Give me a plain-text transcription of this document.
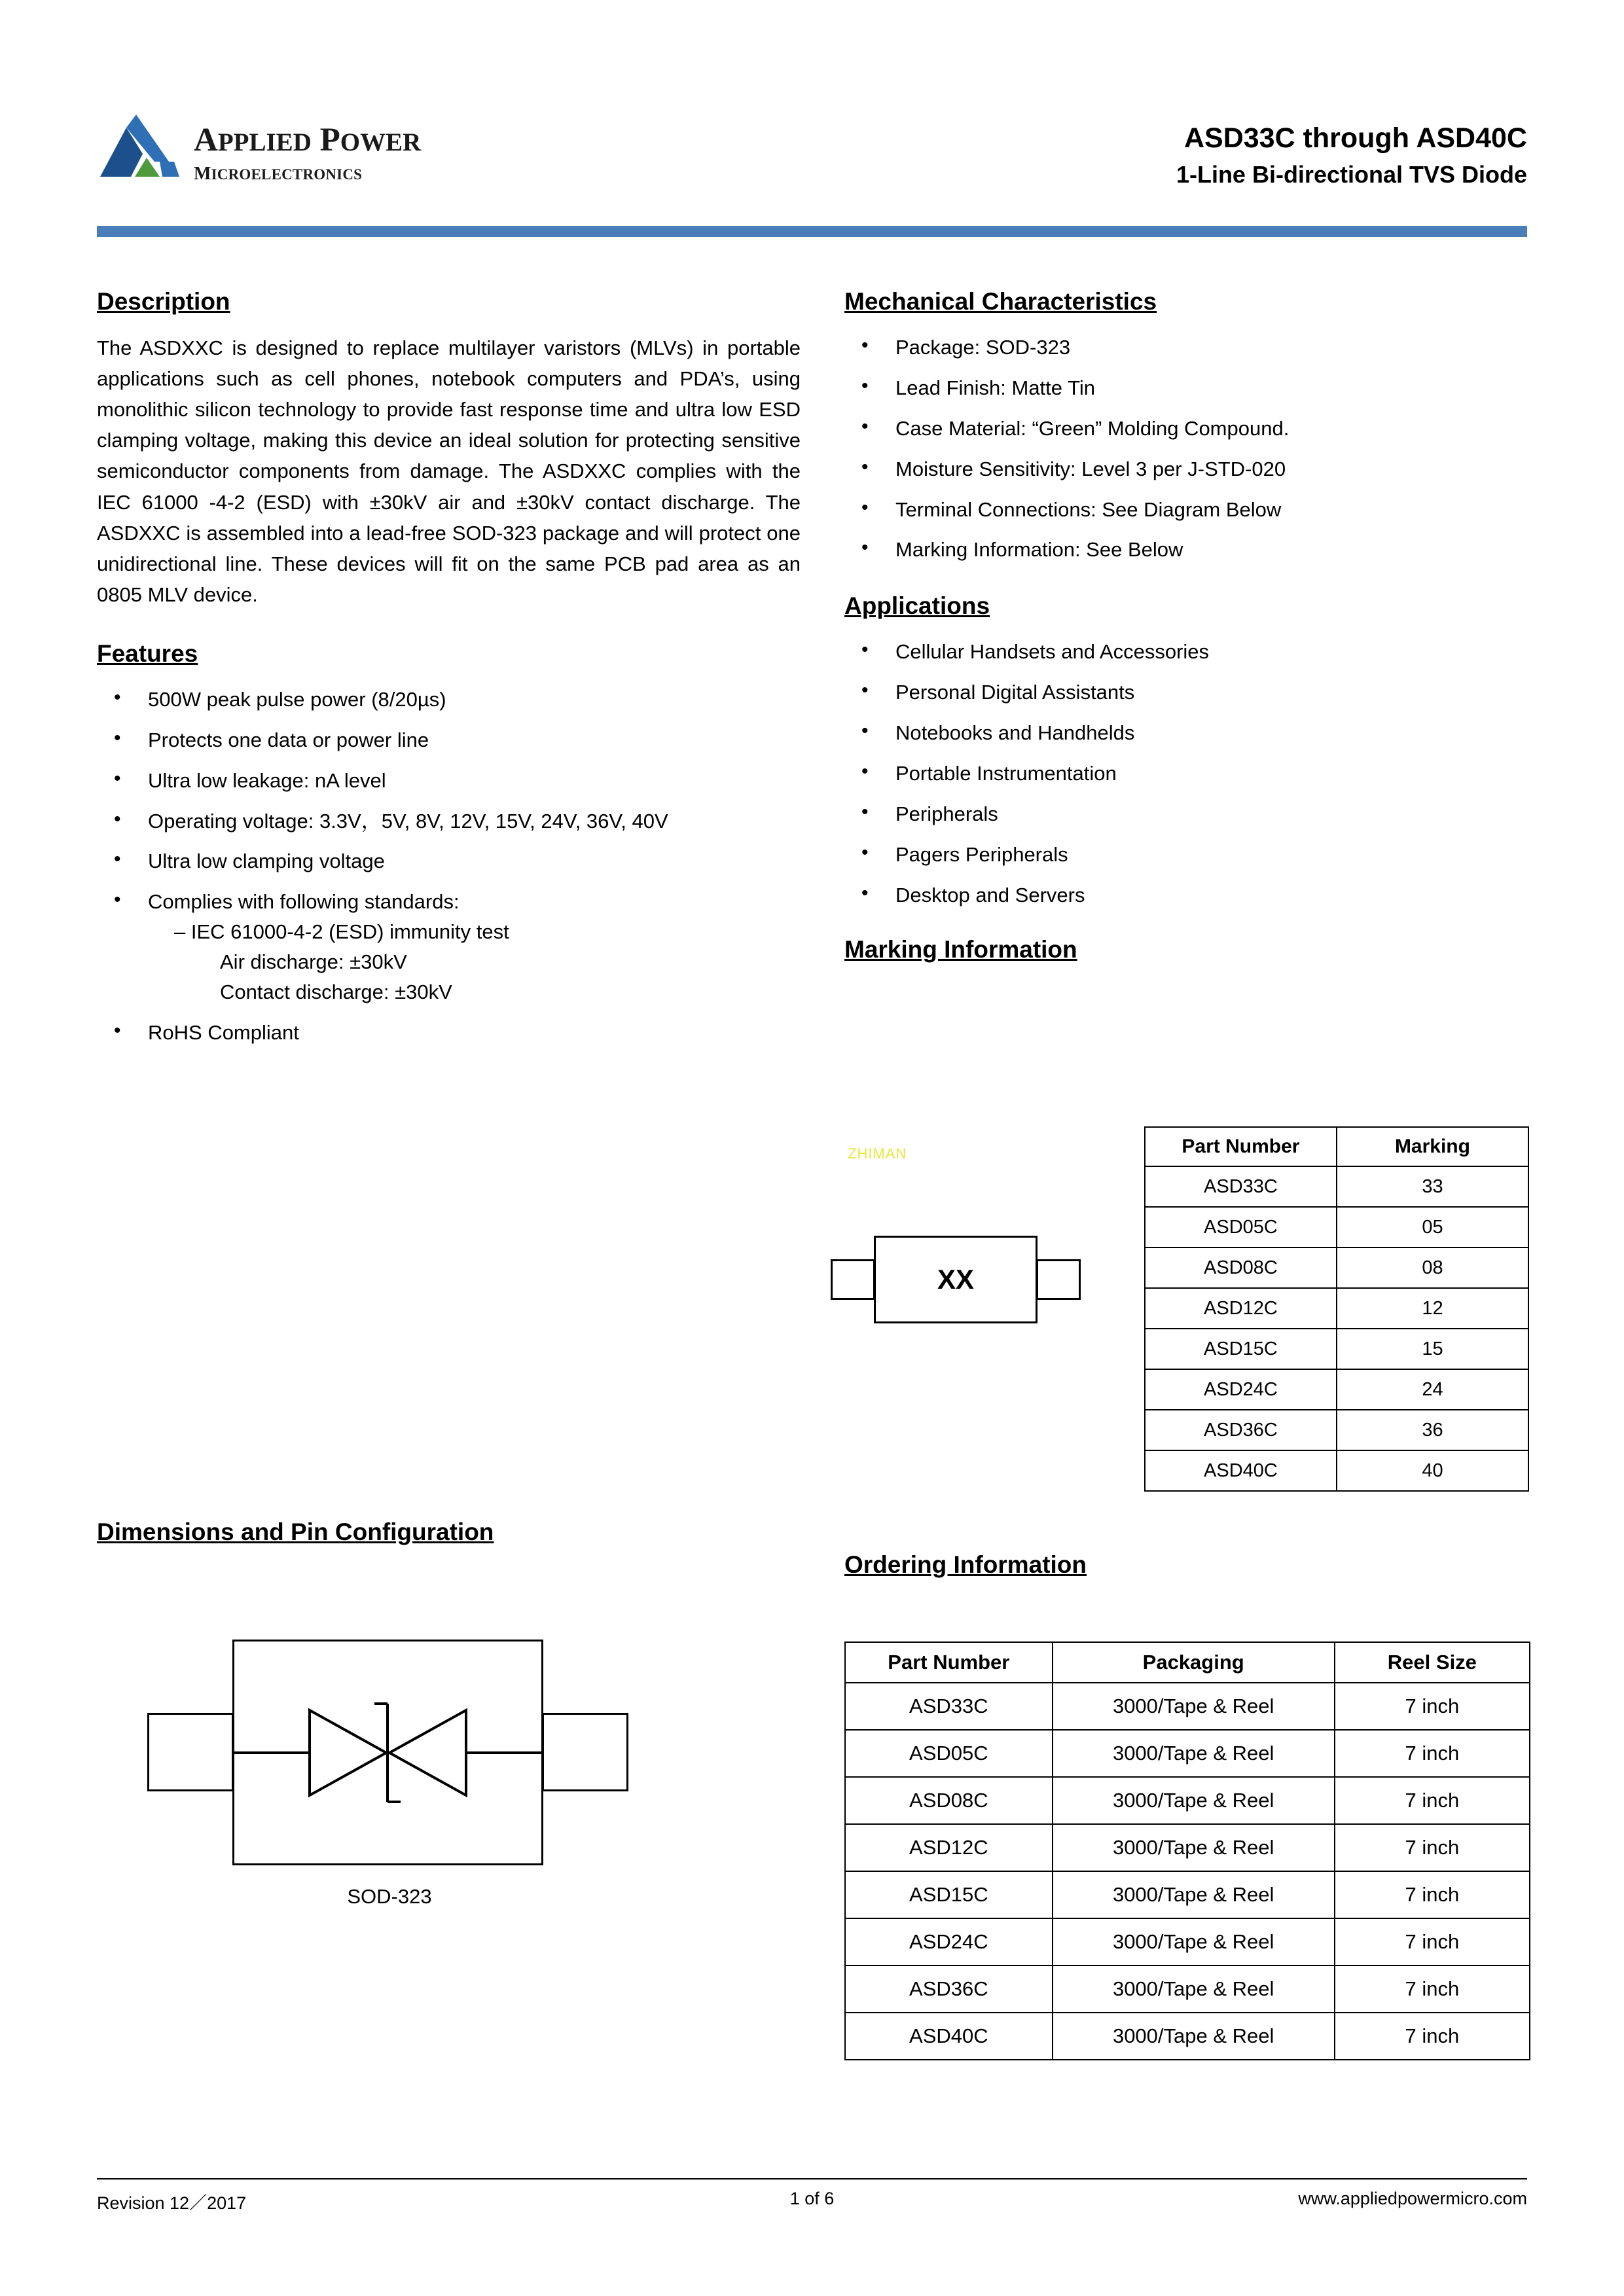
APPLIED POWER
MICROELECTRONICS
ASD33C through ASD40C
1-Line Bi-directional TVS Diode
Description

The ASDXXC is designed to replace multilayer varistors (MLVs) in portable applications such as cell phones, notebook computers and PDA’s, using monolithic silicon technology to provide fast response time and ultra low ESD clamping voltage, making this device an ideal solution for protecting sensitive semiconductor components from damage. The ASDXXC complies with the IEC 61000 -4-2 (ESD) with ±30kV air and ±30kV contact discharge. The ASDXXC is assembled into a lead-free SOD-323 package and will protect one unidirectional line. These devices will fit on the same PCB pad area as an 0805 MLV device.

Features
• 500W peak pulse power (8/20µs)
• Protects one data or power line
• Ultra low leakage: nA level
• Operating voltage: 3.3V，5V, 8V, 12V, 15V, 24V, 36V, 40V
• Ultra low clamping voltage
• Complies with following standards:
– IEC 61000-4-2 (ESD) immunity test
Air discharge: ±30kV
Contact discharge: ±30kV
• RoHS Compliant
Mechanical Characteristics
• Package: SOD-323
• Lead Finish: Matte Tin
• Case Material: “Green” Molding Compound.
• Moisture Sensitivity: Level 3 per J-STD-020
• Terminal Connections: See Diagram Below
• Marking Information: See Below
Applications
• Cellular Handsets and Accessories
• Personal Digital Assistants
• Notebooks and Handhelds
• Portable Instrumentation
• Peripherals
• Pagers Peripherals
• Desktop and Servers
Marking Information
ZHIMAN
XX
Part Number	Marking
ASD33C	33
ASD05C	05
ASD08C	08
ASD12C	12
ASD15C	15
ASD24C	24
ASD36C	36
ASD40C	40
Dimensions and Pin Configuration
SOD-323
Ordering Information
Part Number	Packaging	Reel Size
ASD33C	3000/Tape & Reel	7 inch
ASD05C	3000/Tape & Reel	7 inch
ASD08C	3000/Tape & Reel	7 inch
ASD12C	3000/Tape & Reel	7 inch
ASD15C	3000/Tape & Reel	7 inch
ASD24C	3000/Tape & Reel	7 inch
ASD36C	3000/Tape & Reel	7 inch
ASD40C	3000/Tape & Reel	7 inch
1 of 6
Revision 12／2017	www.appliedpowermicro.com
